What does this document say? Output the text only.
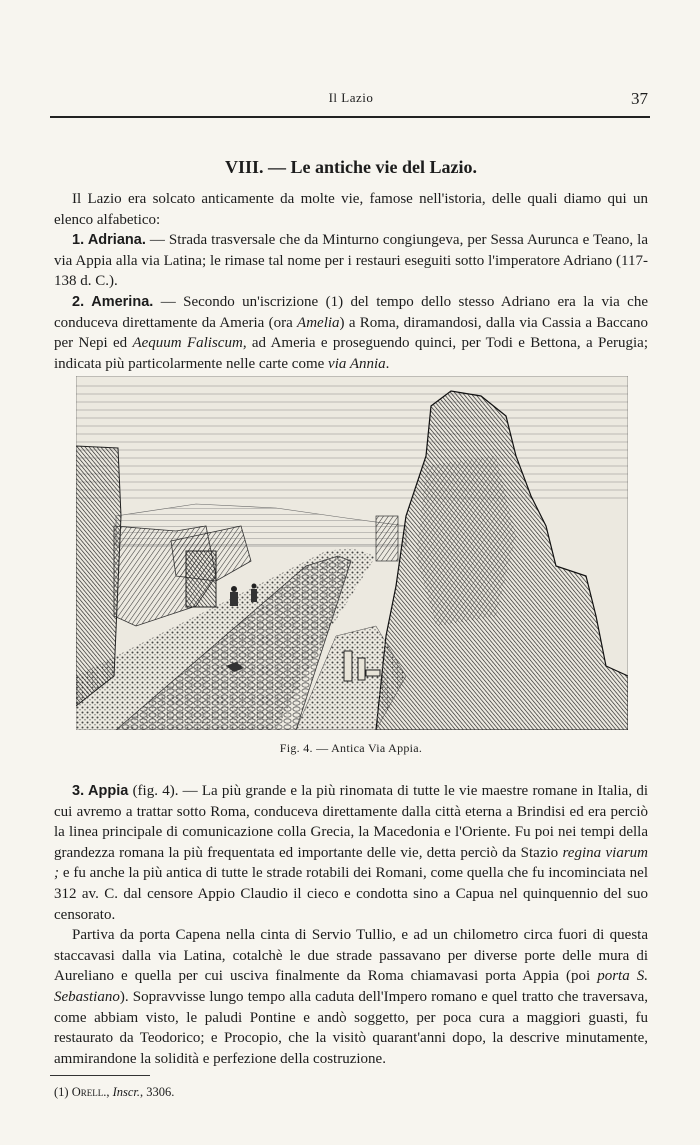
Il Lazio	37
VIII. — Le antiche vie del Lazio.

Il Lazio era solcato anticamente da molte vie, famose nell'istoria, delle quali diamo qui un elenco alfabetico:

1. Adriana. — Strada trasversale che da Minturno congiungeva, per Sessa Aurunca e Teano, la via Appia alla via Latina; le rimase tal nome per i restauri eseguiti sotto l'imperatore Adriano (117-138 d. C.).

2. Amerina. — Secondo un'iscrizione (1) del tempo dello stesso Adriano era la via che conduceva direttamente da Ameria (ora Amelia) a Roma, diramandosi, dalla via Cassia a Baccano per Nepi ed Aequum Faliscum, ad Ameria e proseguendo quinci, per Todi e Bettona, a Perugia; indicata più particolarmente nelle carte come via Annia.

Fig. 4. — Antica Via Appia.

3. Appia (fig. 4). — La più grande e la più rinomata di tutte le vie maestre romane in Italia, di cui avremo a trattar sotto Roma, conduceva direttamente dalla città eterna a Brindisi ed era perciò la linea principale di comunicazione colla Grecia, la Macedonia e l'Oriente. Fu poi nei tempi della grandezza romana la più frequentata ed importante delle vie, detta perciò da Stazio regina viarum ; e fu anche la più antica di tutte le strade rotabili dei Romani, come quella che fu incominciata nel 312 av. C. dal censore Appio Claudio il cieco e condotta sino a Capua nel quinquennio del suo censorato.

Partiva da porta Capena nella cinta di Servio Tullio, e ad un chilometro circa fuori di questa staccavasi dalla via Latina, cotalchè le due strade passavano per diverse porte delle mura di Aureliano e quella per cui usciva finalmente da Roma chiamavasi porta Appia (poi porta S. Sebastiano). Sopravvisse lungo tempo alla caduta dell'Impero romano e quel tratto che traversava, come abbiam visto, le paludi Pontine e andò soggetto, per poca cura a maggiori guasti, fu restaurato da Teodorico; e Procopio, che la visitò quarant'anni dopo, la descrive minutamente, ammirandone la solidità e perfezione della costruzione.

(1) Orell., Inscr., 3306.
